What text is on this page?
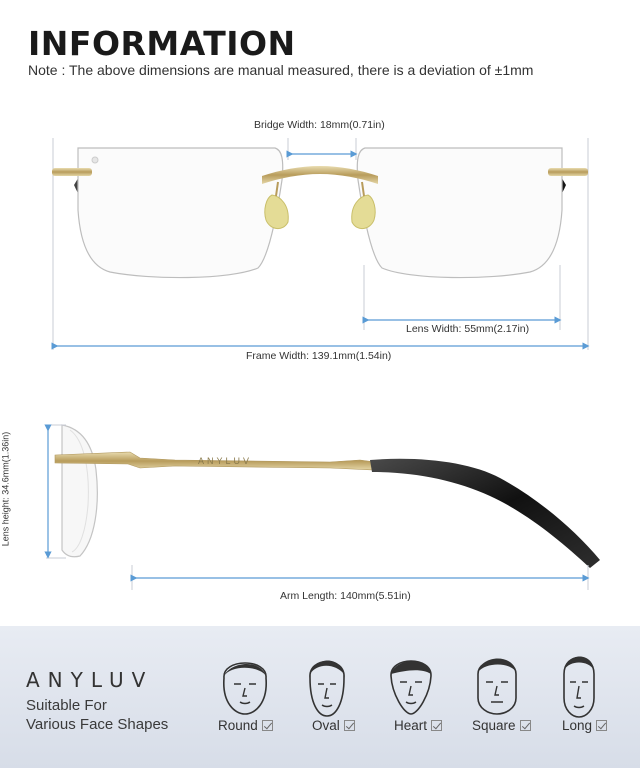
INFORMATION
Note : The above dimensions are manual measured, there is a deviation of ±1mm
ANYLUV
Bridge Width: 18mm(0.71in)
Lens Width: 55mm(2.17in)
Frame Width: 139.1mm(1.54in)
Arm Length: 140mm(5.51in)
Lens height: 34.6mm(1.36in)
ANYLUV
Suitable For
Various Face Shapes	Round	Oval	Heart	Square	Long
